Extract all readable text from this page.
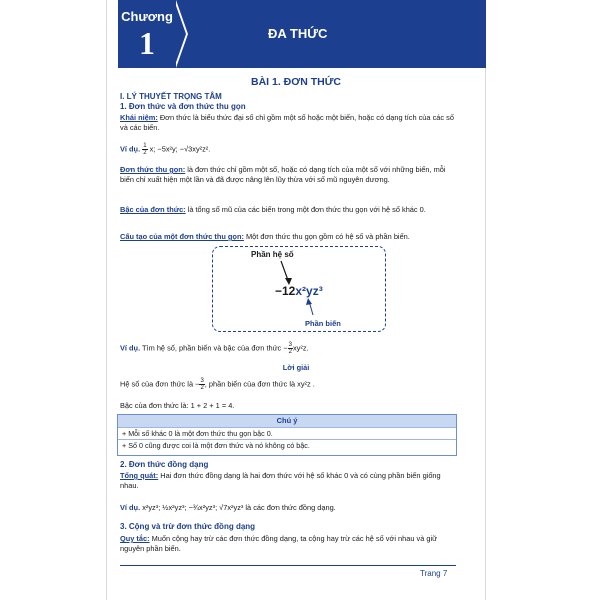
Chương
1	ĐA THỨC
BÀI 1. ĐƠN THỨC
I. LÝ THUYẾT TRỌNG TÂM
1. Đơn thức và đơn thức thu gọn
Khái niệm: Đơn thức là biểu thức đại số chỉ gồm một số hoặc một biến, hoặc có dạng tích của các số và các biến.
Ví dụ. $\frac{1}{2} x$; −5x²y; −√3xy²z².
Đơn thức thu gọn: là đơn thức chỉ gồm một số, hoặc có dạng tích của một số với những biến, mỗi biến chỉ xuất hiện một lần và đã được nâng lên lũy thừa với số mũ nguyên dương.
Bậc của đơn thức: là tổng số mũ của các biến trong một đơn thức thu gọn với hệ số khác 0.
Cấu tạo của một đơn thức thu gọn: Một đơn thức thu gọn gồm có hệ số và phần biến.
Phần hệ số
−12x²yz³
Phần biến
Ví dụ. Tìm hệ số, phần biến và bậc của đơn thức − $\frac{3}{2} xy^2z$.
Lời giải
Hệ số của đơn thức là − $\frac{3}{2}$ , phần biến của đơn thức là xy²z .
Bậc của đơn thức là: 1 + 2 + 1 = 4.
Chú ý
+ Mỗi số khác 0 là một đơn thức thu gọn bậc 0.
+ Số 0 cũng được coi là một đơn thức và nó không có bậc.
2. Đơn thức đồng dạng
Tổng quát: Hai đơn thức đồng dạng là hai đơn thức với hệ số khác 0 và có cùng phần biến giống nhau.
Ví dụ. x²yz³; ½x²yz³; −¾x²yz³; √7x²yz³ là các đơn thức đồng dạng.
3. Cộng và trừ đơn thức đồng dạng
Quy tắc: Muốn cộng hay trừ các đơn thức đồng dạng, ta cộng hay trừ các hệ số với nhau và giữ nguyên phần biến.
Trang 7
